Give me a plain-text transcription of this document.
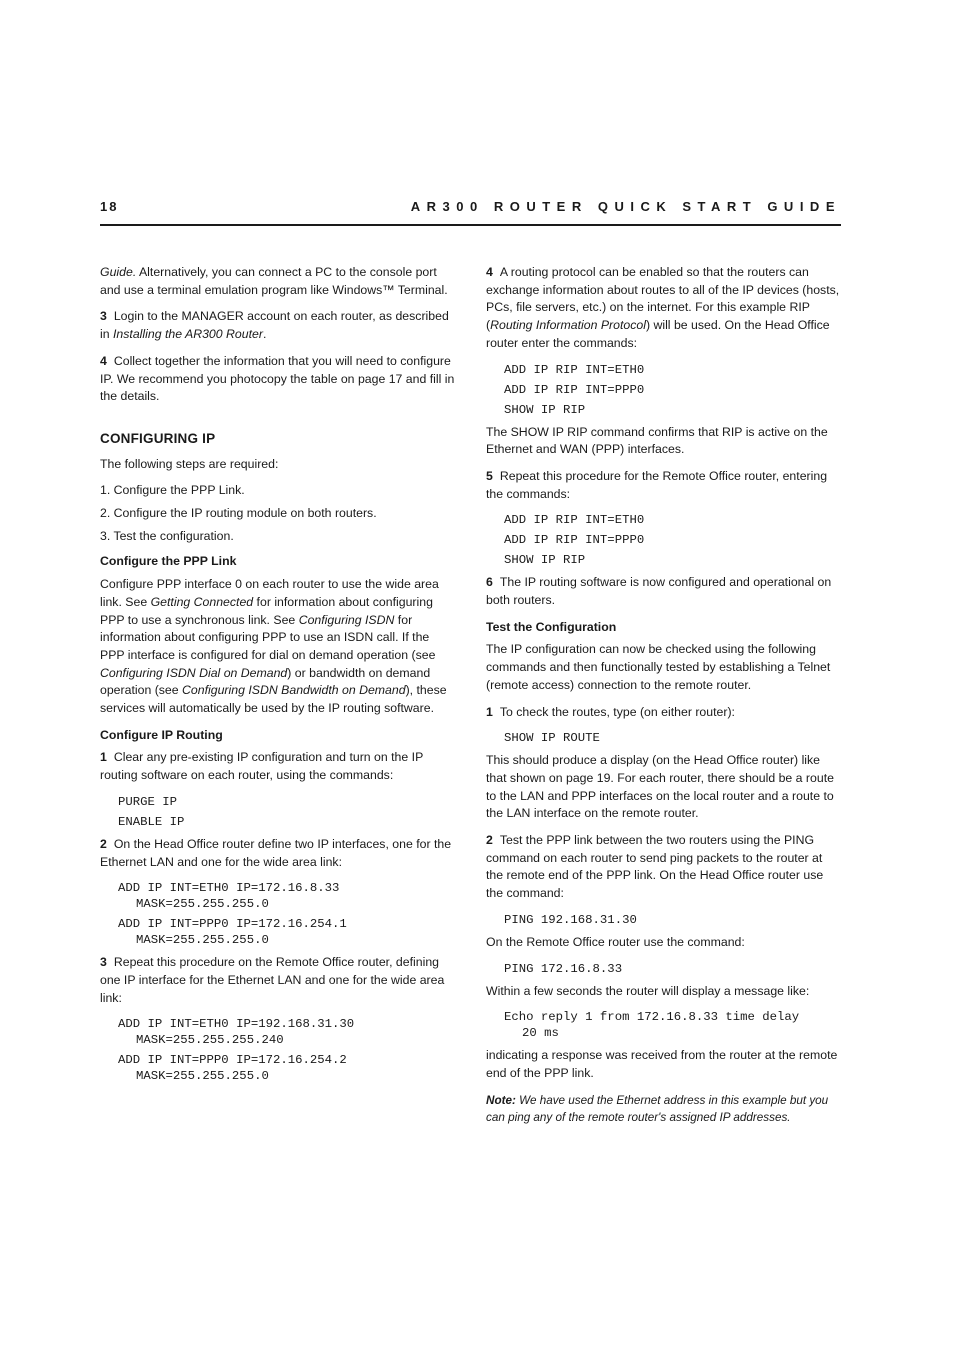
18	AR300 ROUTER QUICK START GUIDE

Guide. Alternatively, you can connect a PC to the console port and use a terminal emulation program like Windows™ Terminal.

3 Login to the MANAGER account on each router, as described in Installing the AR300 Router.

4 Collect together the information that you will need to configure IP. We recommend you photocopy the table on page 17 and fill in the details.

CONFIGURING IP

The following steps are required:

1. Configure the PPP Link.
2. Configure the IP routing module on both routers.
3. Test the configuration.
Configure the PPP Link

Configure PPP interface 0 on each router to use the wide area link. See Getting Connected for information about configuring PPP to use a synchronous link. See Configuring ISDN for information about configuring PPP to use an ISDN call. If the PPP interface is configured for dial on demand operation (see Configuring ISDN Dial on Demand) or bandwidth on demand operation (see Configuring ISDN Bandwidth on Demand), these services will automatically be used by the IP routing software.

Configure IP Routing

1 Clear any pre-existing IP configuration and turn on the IP routing software on each router, using the commands:

PURGE IP
ENABLE IP

2 On the Head Office router define two IP interfaces, one for the Ethernet LAN and one for the wide area link:

ADD IP INT=ETH0 IP=172.16.8.33
MASK=255.255.255.0
ADD IP INT=PPP0 IP=172.16.254.1
MASK=255.255.255.0

3 Repeat this procedure on the Remote Office router, defining one IP interface for the Ethernet LAN and one for the wide area link:

ADD IP INT=ETH0 IP=192.168.31.30
MASK=255.255.255.240
ADD IP INT=PPP0 IP=172.16.254.2
MASK=255.255.255.0

4 A routing protocol can be enabled so that the routers can exchange information about routes to all of the IP devices (hosts, PCs, file servers, etc.) on the internet. For this example RIP (Routing Information Protocol) will be used. On the Head Office router enter the commands:

ADD IP RIP INT=ETH0
ADD IP RIP INT=PPP0
SHOW IP RIP

The SHOW IP RIP command confirms that RIP is active on the Ethernet and WAN (PPP) interfaces.

5 Repeat this procedure for the Remote Office router, entering the commands:

ADD IP RIP INT=ETH0
ADD IP RIP INT=PPP0
SHOW IP RIP

6 The IP routing software is now configured and operational on both routers.

Test the Configuration

The IP configuration can now be checked using the following commands and then functionally tested by establishing a Telnet (remote access) connection to the remote router.

1 To check the routes, type (on either router):

SHOW IP ROUTE

This should produce a display (on the Head Office router) like that shown on page 19. For each router, there should be a route to the LAN and PPP interfaces on the local router and a route to the LAN interface on the remote router.

2 Test the PPP link between the two routers using the PING command on each router to send ping packets to the router at the remote end of the PPP link. On the Head Office router use the command:

PING 192.168.31.30

On the Remote Office router use the command:

PING 172.16.8.33

Within a few seconds the router will display a message like:

Echo reply 1 from 172.16.8.33 time delay
20 ms

indicating a response was received from the router at the remote end of the PPP link.

Note: We have used the Ethernet address in this example but you can ping any of the remote router's assigned IP addresses.
